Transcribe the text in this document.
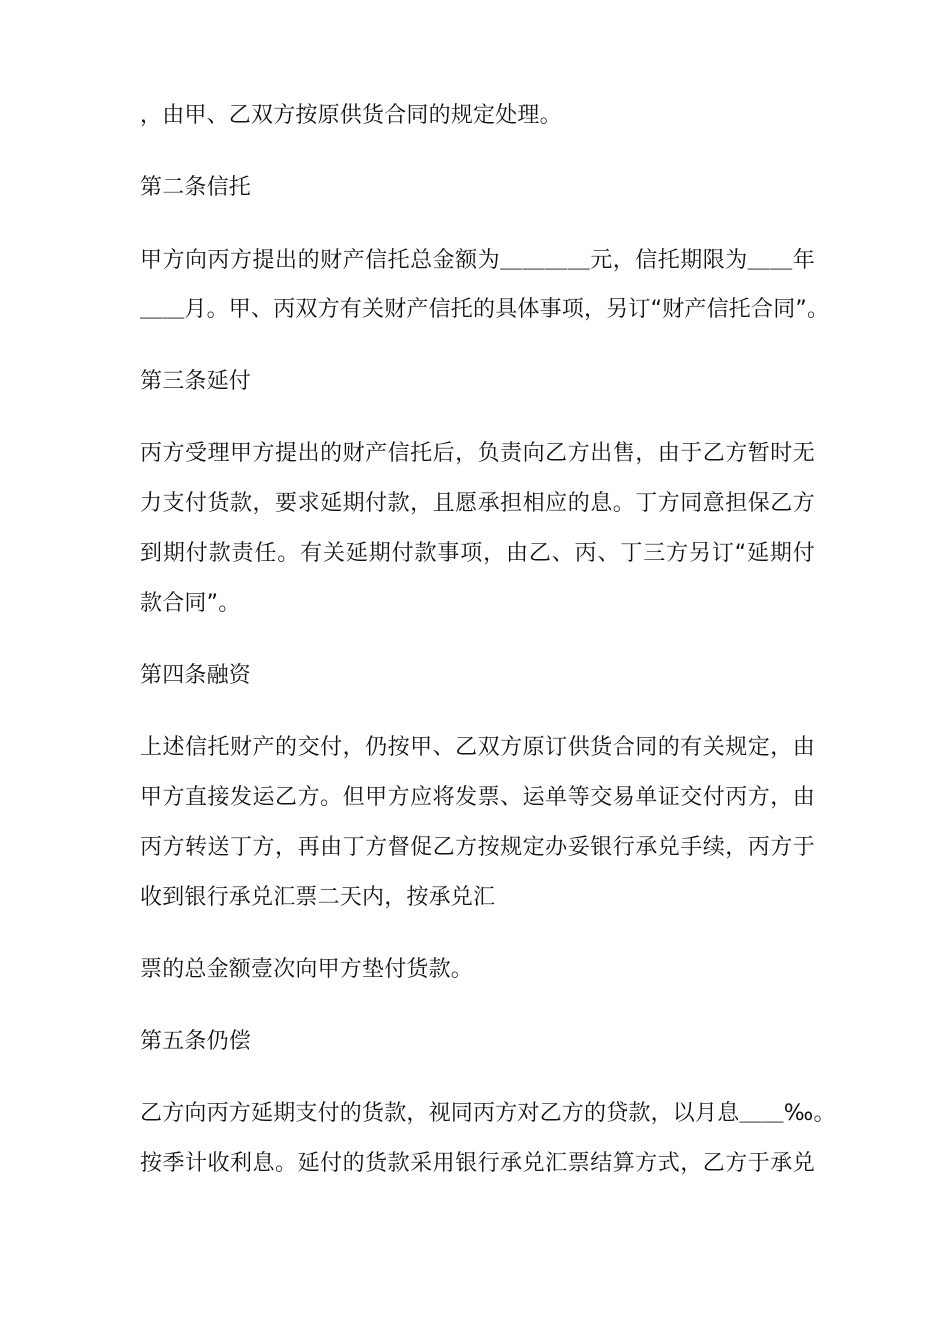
，由甲、乙双方按原供货合同的规定处理。
第二条信托
甲方向丙方提出的财产信托总金额为＿＿＿＿元，信托期限为＿＿年
＿＿月。甲、丙双方有关财产信托的具体事项，另订“财产信托合同”。
第三条延付
丙方受理甲方提出的财产信托后，负责向乙方出售，由于乙方暂时无
力支付货款，要求延期付款，且愿承担相应的息。丁方同意担保乙方
到期付款责任。有关延期付款事项，由乙、丙、丁三方另订“延期付
款合同”。
第四条融资
上述信托财产的交付，仍按甲、乙双方原订供货合同的有关规定，由
甲方直接发运乙方。但甲方应将发票、运单等交易单证交付丙方，由
丙方转送丁方，再由丁方督促乙方按规定办妥银行承兑手续，丙方于
收到银行承兑汇票二天内，按承兑汇
票的总金额壹次向甲方垫付货款。
第五条仍偿
乙方向丙方延期支付的货款，视同丙方对乙方的贷款，以月息＿＿‰。
按季计收利息。延付的货款采用银行承兑汇票结算方式，乙方于承兑
